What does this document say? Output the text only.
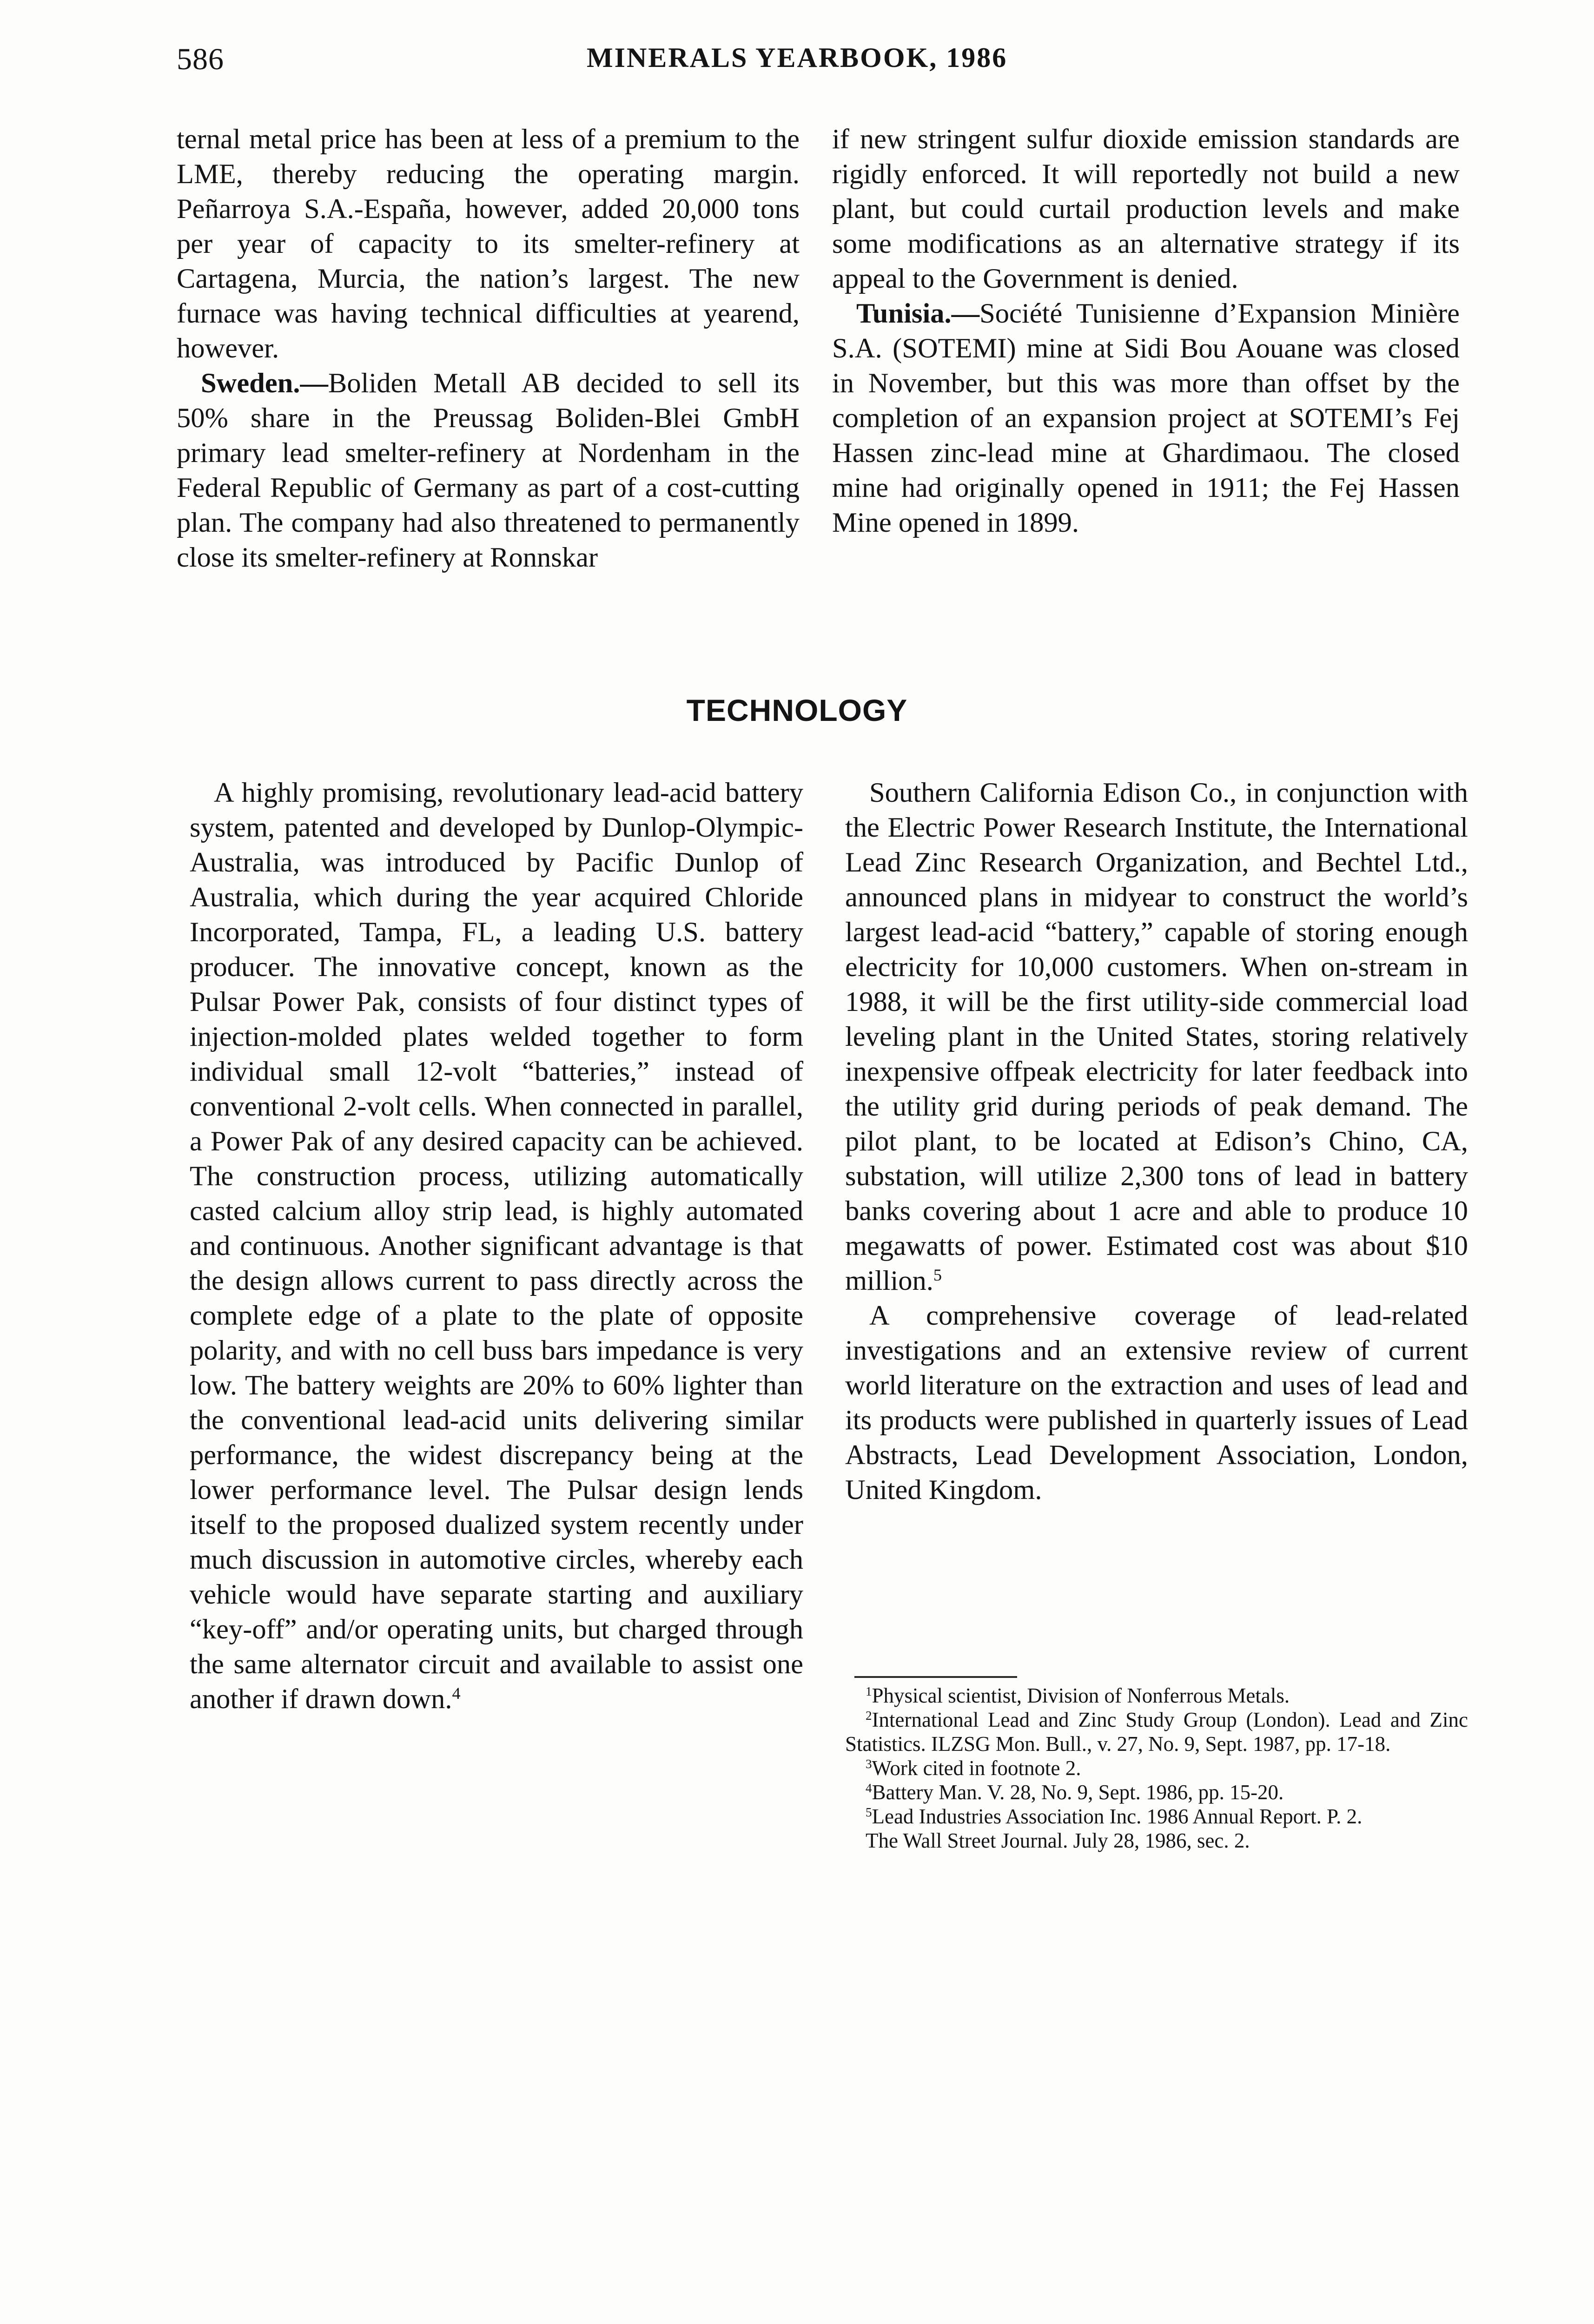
586	MINERALS YEARBOOK, 1986

ternal metal price has been at less of a premium to the LME, thereby reducing the operating margin. Peñarroya S.A.-España, however, added 20,000 tons per year of capacity to its smelter-refinery at Cartagena, Murcia, the nation’s largest. The new furnace was having technical difficulties at yearend, however.

Sweden.—Boliden Metall AB decided to sell its 50% share in the Preussag Boliden-Blei GmbH primary lead smelter-refinery at Nordenham in the Federal Republic of Germany as part of a cost-cutting plan. The company had also threatened to permanently close its smelter-refinery at Ronnskar

if new stringent sulfur dioxide emission standards are rigidly enforced. It will reportedly not build a new plant, but could curtail production levels and make some modifications as an alternative strategy if its appeal to the Government is denied.

Tunisia.—Société Tunisienne d’Expansion Minière S.A. (SOTEMI) mine at Sidi Bou Aouane was closed in November, but this was more than offset by the completion of an expansion project at SOTEMI’s Fej Hassen zinc-lead mine at Ghardimaou. The closed mine had originally opened in 1911; the Fej Hassen Mine opened in 1899.

TECHNOLOGY

A highly promising, revolutionary lead-acid battery system, patented and developed by Dunlop-Olympic-Australia, was introduced by Pacific Dunlop of Australia, which during the year acquired Chloride Incorporated, Tampa, FL, a leading U.S. battery producer. The innovative concept, known as the Pulsar Power Pak, consists of four distinct types of injection-molded plates welded together to form individual small 12-volt “batteries,” instead of conventional 2-volt cells. When connected in parallel, a Power Pak of any desired capacity can be achieved. The construction process, utilizing automatically casted calcium alloy strip lead, is highly automated and continuous. Another significant advantage is that the design allows current to pass directly across the complete edge of a plate to the plate of opposite polarity, and with no cell buss bars impedance is very low. The battery weights are 20% to 60% lighter than the conventional lead-acid units delivering similar performance, the widest discrepancy being at the lower performance level. The Pulsar design lends itself to the proposed dualized system recently under much discussion in automotive circles, whereby each vehicle would have separate starting and auxiliary “key-off” and/or operating units, but charged through the same alternator circuit and available to assist one another if drawn down.$^4$

Southern California Edison Co., in conjunction with the Electric Power Research Institute, the International Lead Zinc Research Organization, and Bechtel Ltd., announced plans in midyear to construct the world’s largest lead-acid “battery,” capable of storing enough electricity for 10,000 customers. When on-stream in 1988, it will be the first utility-side commercial load leveling plant in the United States, storing relatively inexpensive offpeak electricity for later feedback into the utility grid during periods of peak demand. The pilot plant, to be located at Edison’s Chino, CA, substation, will utilize 2,300 tons of lead in battery banks covering about 1 acre and able to produce 10 megawatts of power. Estimated cost was about $10 million.$^5$

A comprehensive coverage of lead-related investigations and an extensive review of current world literature on the extraction and uses of lead and its products were published in quarterly issues of Lead Abstracts, Lead Development Association, London, United Kingdom.

$^1$Physical scientist, Division of Nonferrous Metals.

$^2$International Lead and Zinc Study Group (London). Lead and Zinc Statistics. ILZSG Mon. Bull., v. 27, No. 9, Sept. 1987, pp. 17-18.

$^3$Work cited in footnote 2.

$^4$Battery Man. V. 28, No. 9, Sept. 1986, pp. 15-20.

$^5$Lead Industries Association Inc. 1986 Annual Report. P. 2.

The Wall Street Journal. July 28, 1986, sec. 2.
